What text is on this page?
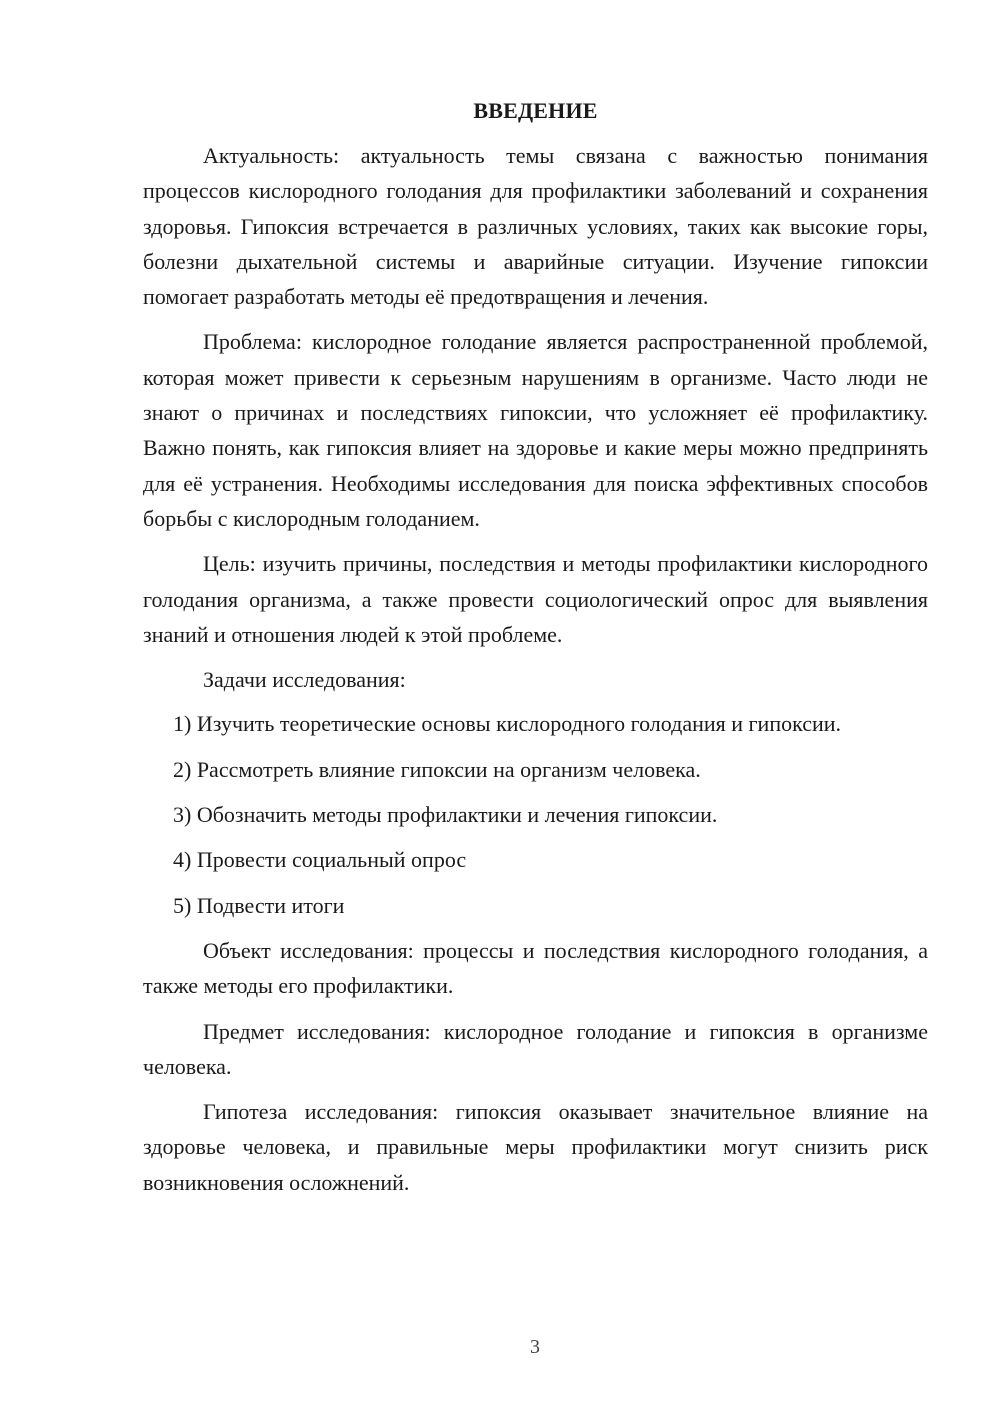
ВВЕДЕНИЕ

Актуальность: актуальность темы связана с важностью понимания процессов кислородного голодания для профилактики заболеваний и сохранения здоровья. Гипоксия встречается в различных условиях, таких как высокие горы, болезни дыхательной системы и аварийные ситуации. Изучение гипоксии помогает разработать методы её предотвращения и лечения.

Проблема: кислородное голодание является распространенной проблемой, которая может привести к серьезным нарушениям в организме. Часто люди не знают о причинах и последствиях гипоксии, что усложняет её профилактику. Важно понять, как гипоксия влияет на здоровье и какие меры можно предпринять для её устранения. Необходимы исследования для поиска эффективных способов борьбы с кислородным голоданием.

Цель: изучить причины, последствия и методы профилактики кислородного голодания организма, а также провести социологический опрос для выявления знаний и отношения людей к этой проблеме.

Задачи исследования:

1) Изучить теоретические основы кислородного голодания и гипоксии.

2) Рассмотреть влияние гипоксии на организм человека.

3) Обозначить методы профилактики и лечения гипоксии.

4) Провести социальный опрос

5) Подвести итоги

Объект исследования: процессы и последствия кислородного голодания, а также методы его профилактики.

Предмет исследования: кислородное голодание и гипоксия в организме человека.

Гипотеза исследования: гипоксия оказывает значительное влияние на здоровье человека, и правильные меры профилактики могут снизить риск возникновения осложнений.

3
